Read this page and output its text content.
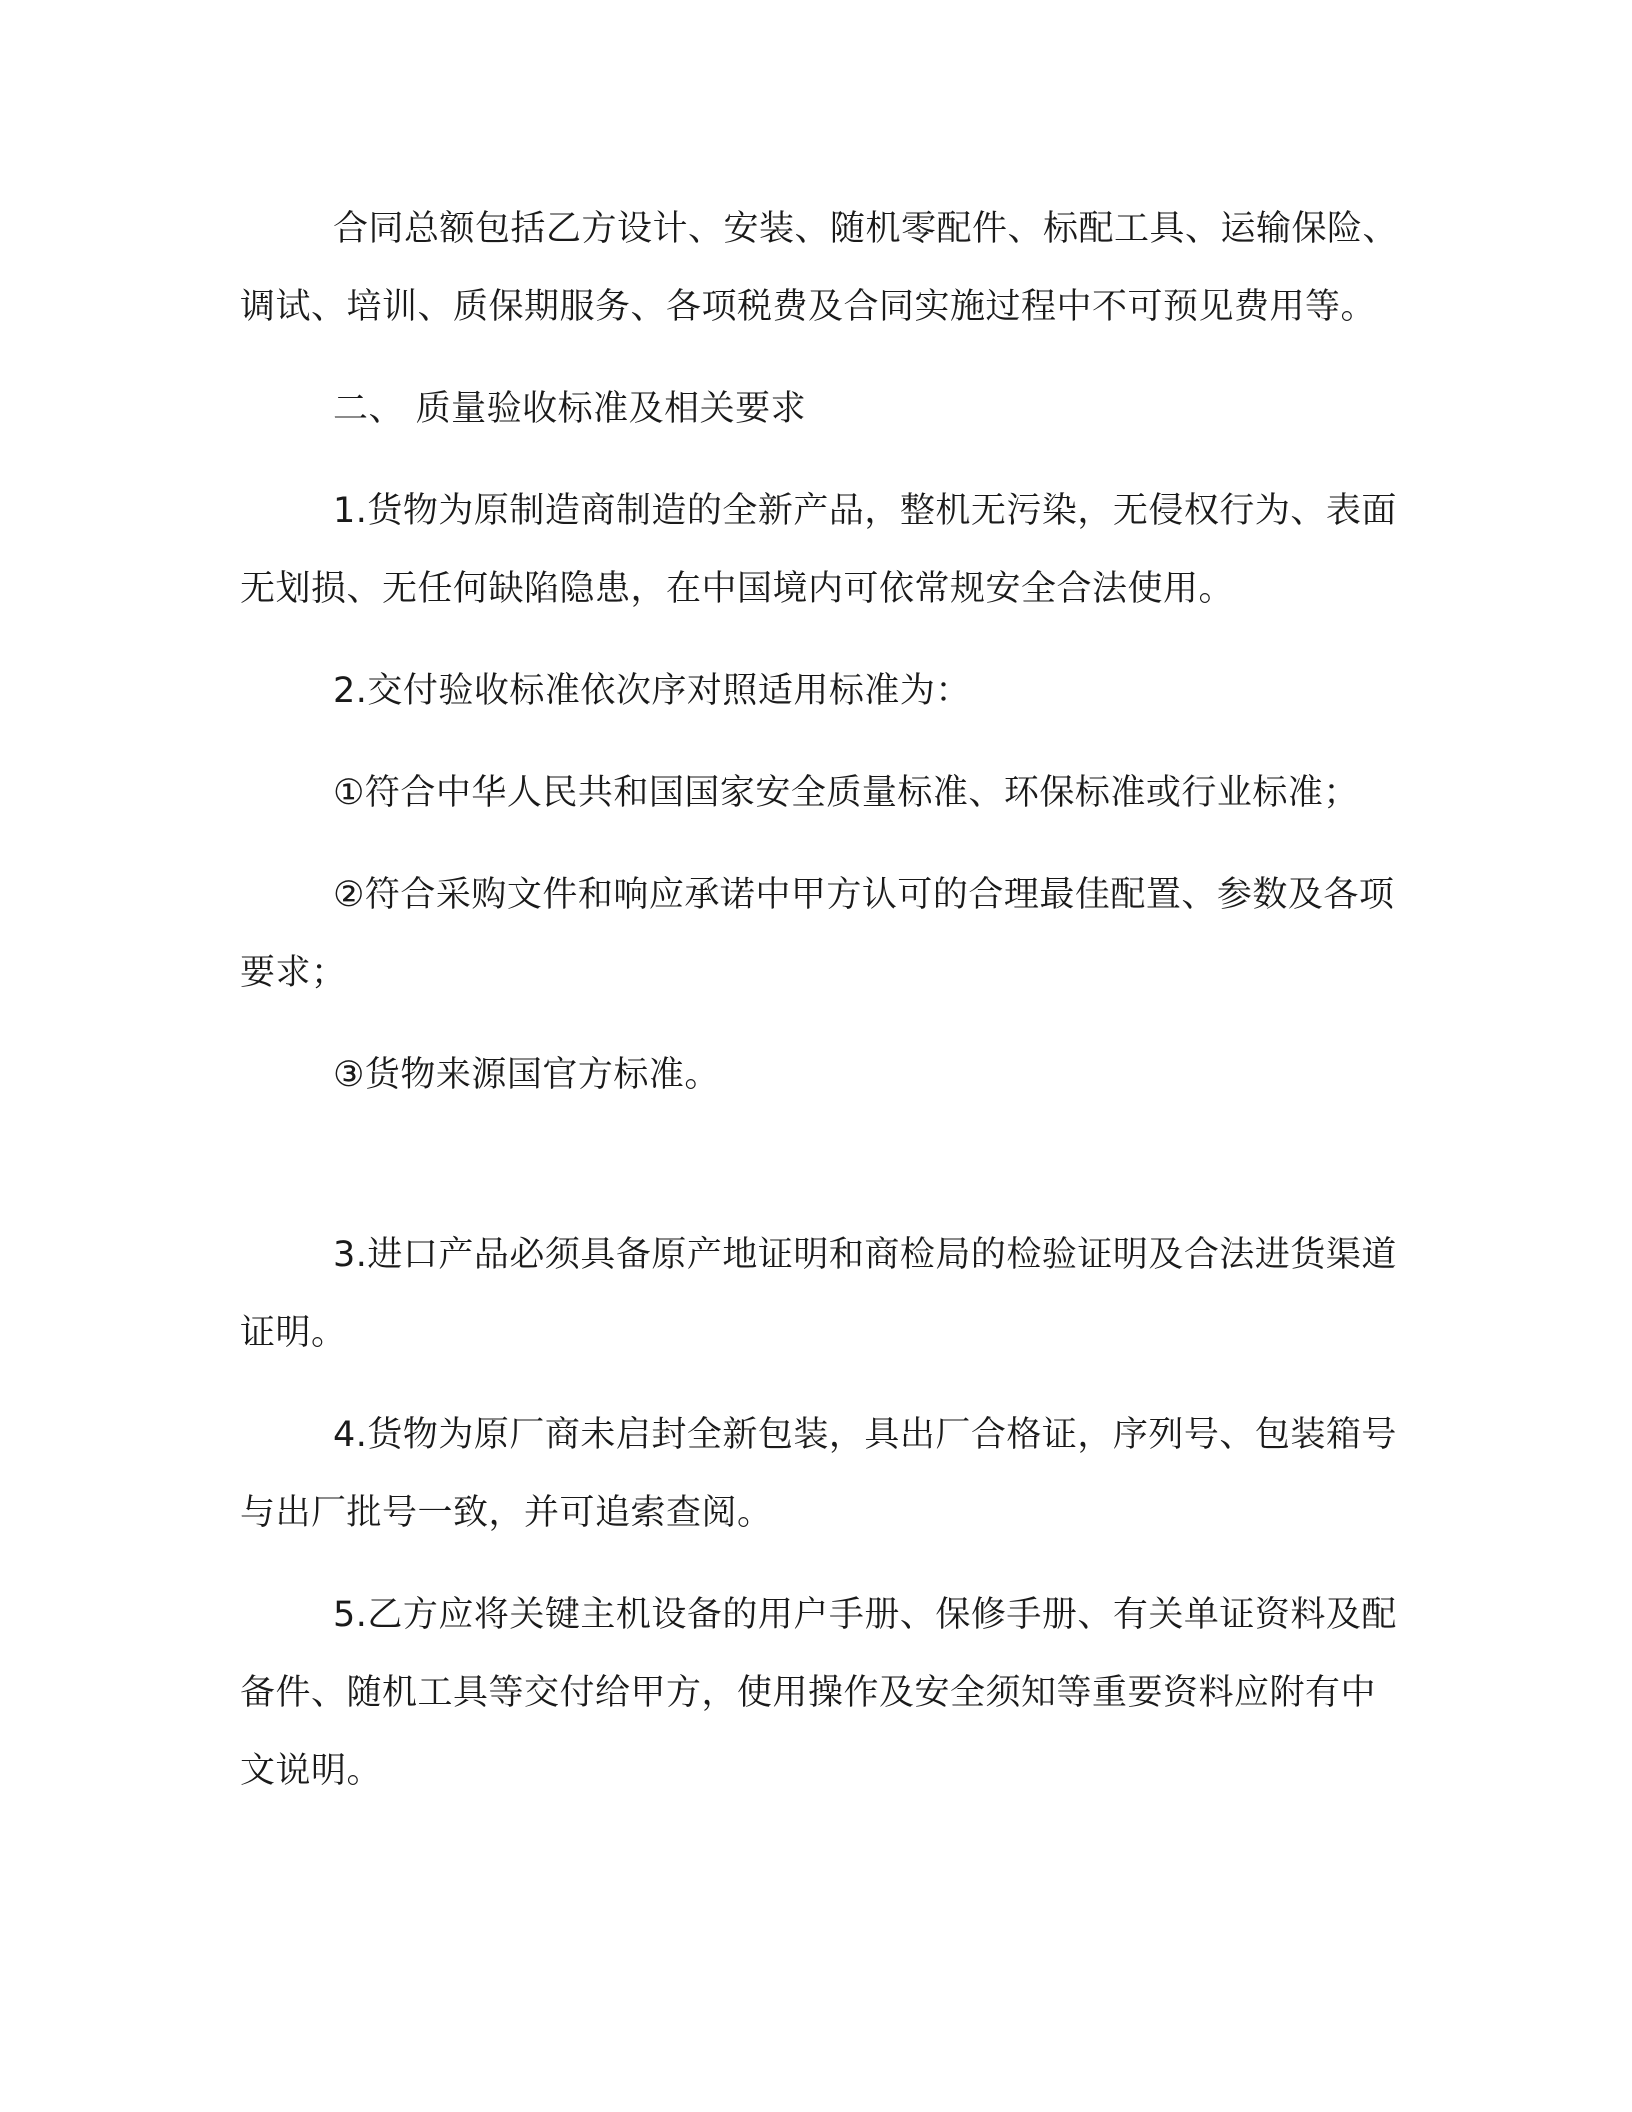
合同总额包括乙方设计、安装、随机零配件、标配工具、运输保险、调试、培训、质保期服务、各项税费及合同实施过程中不可预见费用等。

二、 质量验收标准及相关要求

1.货物为原制造商制造的全新产品，整机无污染，无侵权行为、表面无划损、无任何缺陷隐患，在中国境内可依常规安全合法使用。

2.交付验收标准依次序对照适用标准为：

①符合中华人民共和国国家安全质量标准、环保标准或行业标准；

②符合采购文件和响应承诺中甲方认可的合理最佳配置、参数及各项要求；

③货物来源国官方标准。

3.进口产品必须具备原产地证明和商检局的检验证明及合法进货渠道证明。

4.货物为原厂商未启封全新包装，具出厂合格证，序列号、包装箱号与出厂批号一致，并可追索查阅。

5.乙方应将关键主机设备的用户手册、保修手册、有关单证资料及配备件、随机工具等交付给甲方，使用操作及安全须知等重要资料应附有中文说明。
